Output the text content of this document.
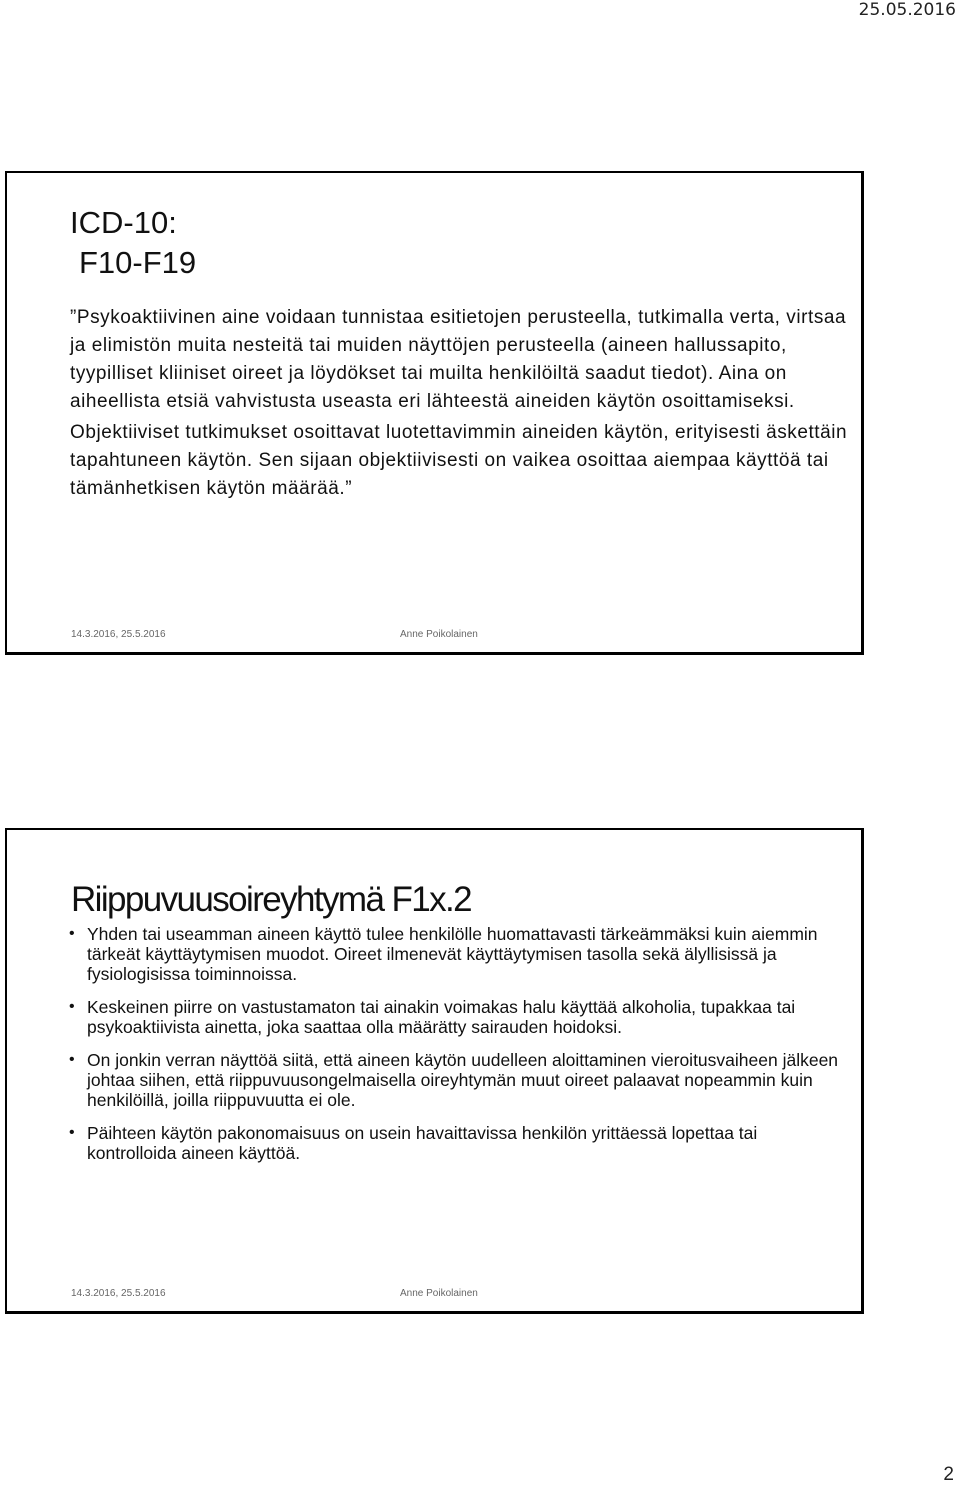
25.05.2016
ICD-10:
F10-F19

”Psykoaktiivinen aine voidaan tunnistaa esitietojen perusteella, tutkimalla verta, virtsaa ja elimistön muita nesteitä tai muiden näyttöjen perusteella (aineen hallussapito, tyypilliset kliiniset oireet ja löydökset tai muilta henkilöiltä saadut tiedot). Aina on aiheellista etsiä vahvistusta useasta eri lähteestä aineiden käytön osoittamiseksi.

Objektiiviset tutkimukset osoittavat luotettavimmin aineiden käytön, erityisesti äskettäin tapahtuneen käytön. Sen sijaan objektiivisesti on vaikea osoittaa aiempaa käyttöä tai tämänhetkisen käytön määrää.”

14.3.2016, 25.5.2016	Anne Poikolainen
Riippuvuusoireyhtymä F1x.2
• Yhden tai useamman aineen käyttö tulee henkilölle huomattavasti tärkeämmäksi kuin aiemmin tärkeät käyttäytymisen muodot. Oireet ilmenevät käyttäytymisen tasolla sekä älyllisissä ja fysiologisissa toiminnoissa.
• Keskeinen piirre on vastustamaton tai ainakin voimakas halu käyttää alkoholia, tupakkaa tai psykoaktiivista ainetta, joka saattaa olla määrätty sairauden hoidoksi.
• On jonkin verran näyttöä siitä, että aineen käytön uudelleen aloittaminen vieroitusvaiheen jälkeen johtaa siihen, että riippuvuusongelmaisella oireyhtymän muut oireet palaavat nopeammin kuin henkilöillä, joilla riippuvuutta ei ole.
• Päihteen käytön pakonomaisuus on usein havaittavissa henkilön yrittäessä lopettaa tai kontrolloida aineen käyttöä.
14.3.2016, 25.5.2016	Anne Poikolainen
2
